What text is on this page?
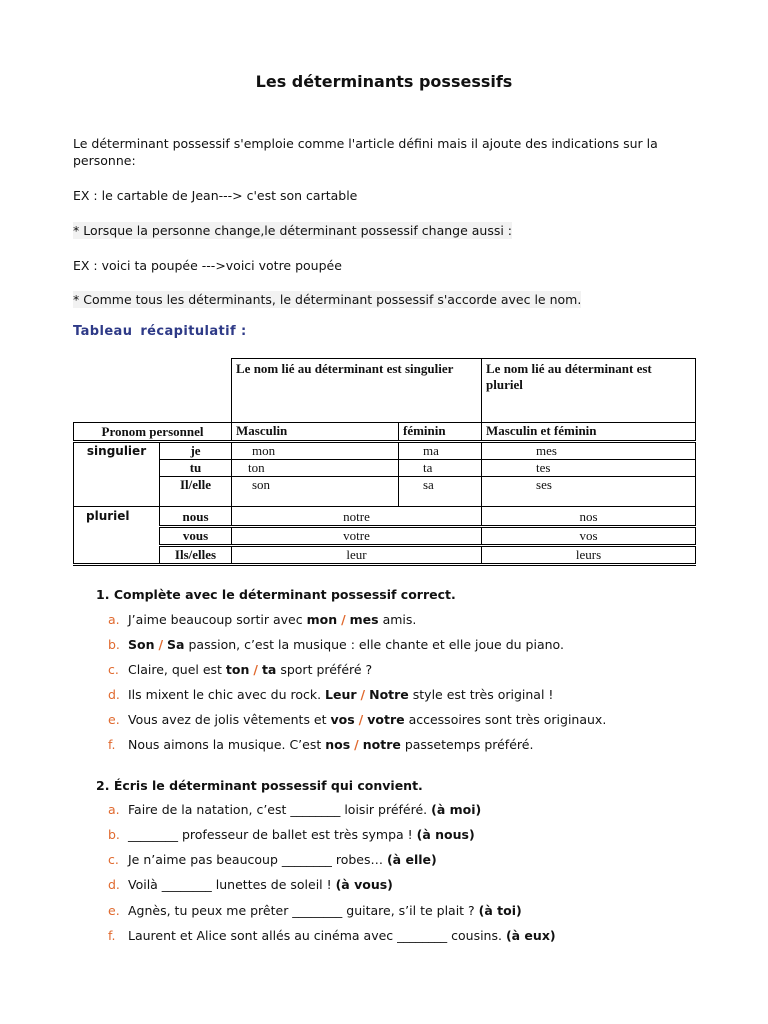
Les déterminants possessifs
Le déterminant possessif s'emploie comme l'article défini mais il ajoute des indications sur la
personne:
EX : le cartable de Jean---> c'est son cartable
* Lorsque la personne change,le déterminant possessif change aussi :
EX : voici ta poupée --->voici votre poupée
* Comme tous les déterminants, le déterminant possessif s'accorde avec le nom.
Tableau récapitulatif :
		Le nom lié au déterminant est singulier		Le nom lié au déterminant est pluriel
Pronom personnel		Masculin	féminin	Masculin et féminin
singulier	je	mon	ma	mes
	tu	ton	ta	tes
	Il/elle	son	sa	ses
pluriel	nous	notre		nos
	vous	votre		vos
	Ils/elles	leur		leurs
1. Complète avec le déterminant possessif correct.
a. J’aime beaucoup sortir avec mon / mes amis.
b. Son / Sa passion, c’est la musique : elle chante et elle joue du piano.
c. Claire, quel est ton / ta sport préféré ?
d. Ils mixent le chic avec du rock. Leur / Notre style est très original !
e. Vous avez de jolis vêtements et vos / votre accessoires sont très originaux.
f. Nous aimons la musique. C’est nos / notre passetemps préféré.
2. Écris le déterminant possessif qui convient.
a. Faire de la natation, c’est ________ loisir préféré. (à moi)
b. ________ professeur de ballet est très sympa ! (à nous)
c. Je n’aime pas beaucoup ________ robes… (à elle)
d. Voilà ________ lunettes de soleil ! (à vous)
e. Agnès, tu peux me prêter ________ guitare, s’il te plait ? (à toi)
f. Laurent et Alice sont allés au cinéma avec ________ cousins. (à eux)
